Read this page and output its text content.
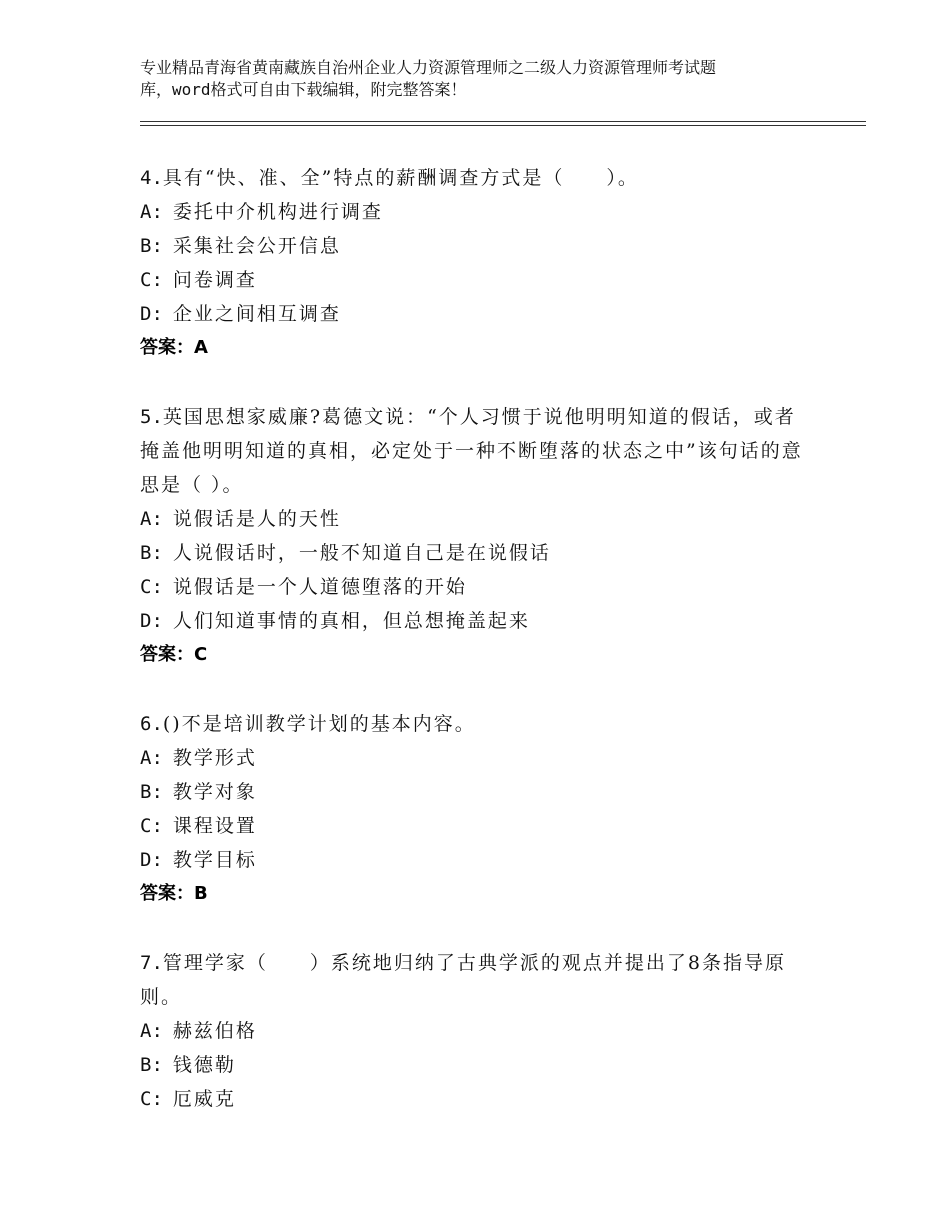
专业精品青海省黄南藏族自治州企业人力资源管理师之二级人力资源管理师考试题
库，word格式可自由下载编辑，附完整答案！
4.具有“快、准、全”特点的薪酬调查方式是（　　）。
A: 委托中介机构进行调查
B: 采集社会公开信息
C: 问卷调查
D: 企业之间相互调查
答案：A
5.英国思想家威廉?葛德文说：“个人习惯于说他明明知道的假话，或者掩盖他明明知道的真相，必定处于一种不断堕落的状态之中”该句话的意思是（ ）。
A: 说假话是人的天性
B: 人说假话时，一般不知道自己是在说假话
C: 说假话是一个人道德堕落的开始
D: 人们知道事情的真相，但总想掩盖起来
答案：C
6.()不是培训教学计划的基本内容。
A: 教学形式
B: 教学对象
C: 课程设置
D: 教学目标
答案：B
7.管理学家（　　）系统地归纳了古典学派的观点并提出了8条指导原则。
A: 赫兹伯格
B: 钱德勒
C: 厄威克
